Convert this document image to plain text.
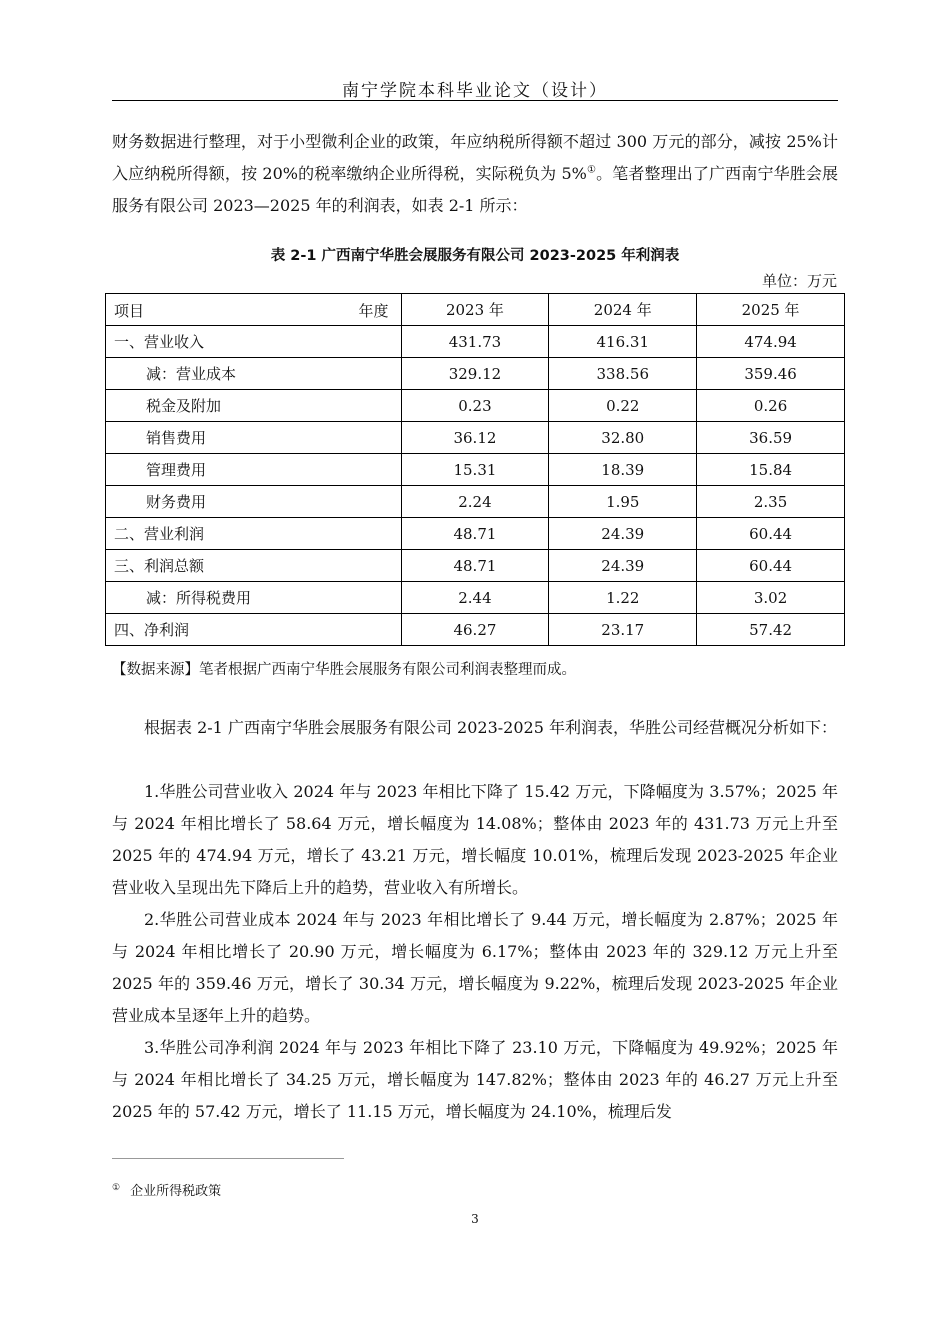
南宁学院本科毕业论文（设计）

财务数据进行整理，对于小型微利企业的政策，年应纳税所得额不超过 300 万元的部分，减按 25%计入应纳税所得额，按 20%的税率缴纳企业所得税，实际税负为 5%①。笔者整理出了广西南宁华胜会展服务有限公司 2023—2025 年的利润表，如表 2-1 所示：

表 2-1 广西南宁华胜会展服务有限公司 2023-2025 年利润表
单位：万元
项目 年度	2023 年	2024 年	2025 年
一、营业收入	431.73	416.31	474.94
减：营业成本	329.12	338.56	359.46
税金及附加	0.23	0.22	0.26
销售费用	36.12	32.80	36.59
管理费用	15.31	18.39	15.84
财务费用	2.24	1.95	2.35
二、营业利润	48.71	24.39	60.44
三、利润总额	48.71	24.39	60.44
减：所得税费用	2.44	1.22	3.02
四、净利润	46.27	23.17	57.42
【数据来源】笔者根据广西南宁华胜会展服务有限公司利润表整理而成。

根据表 2-1 广西南宁华胜会展服务有限公司 2023-2025 年利润表，华胜公司经营概况分析如下：

1.华胜公司营业收入 2024 年与 2023 年相比下降了 15.42 万元，下降幅度为 3.57%；2025 年与 2024 年相比增长了 58.64 万元，增长幅度为 14.08%；整体由 2023 年的 431.73 万元上升至 2025 年的 474.94 万元，增长了 43.21 万元，增长幅度 10.01%，梳理后发现 2023-2025 年企业营业收入呈现出先下降后上升的趋势，营业收入有所增长。

2.华胜公司营业成本 2024 年与 2023 年相比增长了 9.44 万元，增长幅度为 2.87%；2025 年与 2024 年相比增长了 20.90 万元，增长幅度为 6.17%；整体由 2023 年的 329.12 万元上升至 2025 年的 359.46 万元，增长了 30.34 万元，增长幅度为 9.22%，梳理后发现 2023-2025 年企业营业成本呈逐年上升的趋势。

3.华胜公司净利润 2024 年与 2023 年相比下降了 23.10 万元，下降幅度为 49.92%；2025 年与 2024 年相比增长了 34.25 万元，增长幅度为 147.82%；整体由 2023 年的 46.27 万元上升至 2025 年的 57.42 万元，增长了 11.15 万元，增长幅度为 24.10%，梳理后发

① 企业所得税政策
3
